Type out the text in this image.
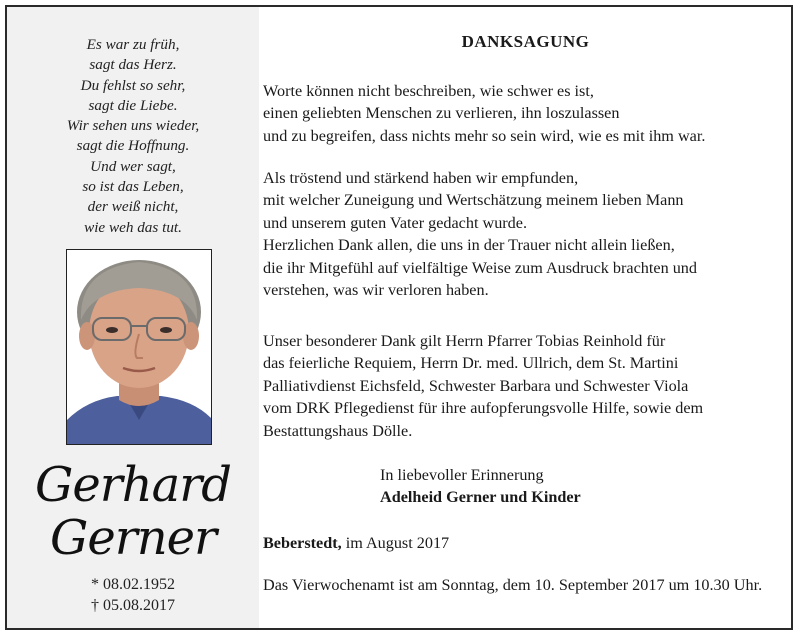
Es war zu früh,
sagt das Herz.
Du fehlst so sehr,
sagt die Liebe.
Wir sehen uns wieder,
sagt die Hoffnung.
Und wer sagt,
so ist das Leben,
der weiß nicht,
wie weh das tut.
Gerhard
Gerner
* 08.02.1952
† 05.08.2017
DANKSAGUNG
Worte können nicht beschreiben, wie schwer es ist,
einen geliebten Menschen zu verlieren, ihn loszulassen
und zu begreifen, dass nichts mehr so sein wird, wie es mit ihm war.
Als tröstend und stärkend haben wir empfunden,
mit welcher Zuneigung und Wertschätzung meinem lieben Mann
und unserem guten Vater gedacht wurde.
Herzlichen Dank allen, die uns in der Trauer nicht allein ließen,
die ihr Mitgefühl auf vielfältige Weise zum Ausdruck brachten und
verstehen, was wir verloren haben.
Unser besonderer Dank gilt Herrn Pfarrer Tobias Reinhold für
das feierliche Requiem, Herrn Dr. med. Ullrich, dem St. Martini
Palliativdienst Eichsfeld, Schwester Barbara und Schwester Viola
vom DRK Pflegedienst für ihre aufopferungsvolle Hilfe, sowie dem
Bestattungshaus Dölle.
In liebevoller Erinnerung
Adelheid Gerner und Kinder
Beberstedt, im August 2017
Das Vierwochenamt ist am Sonntag, dem 10. September 2017 um 10.30 Uhr.
